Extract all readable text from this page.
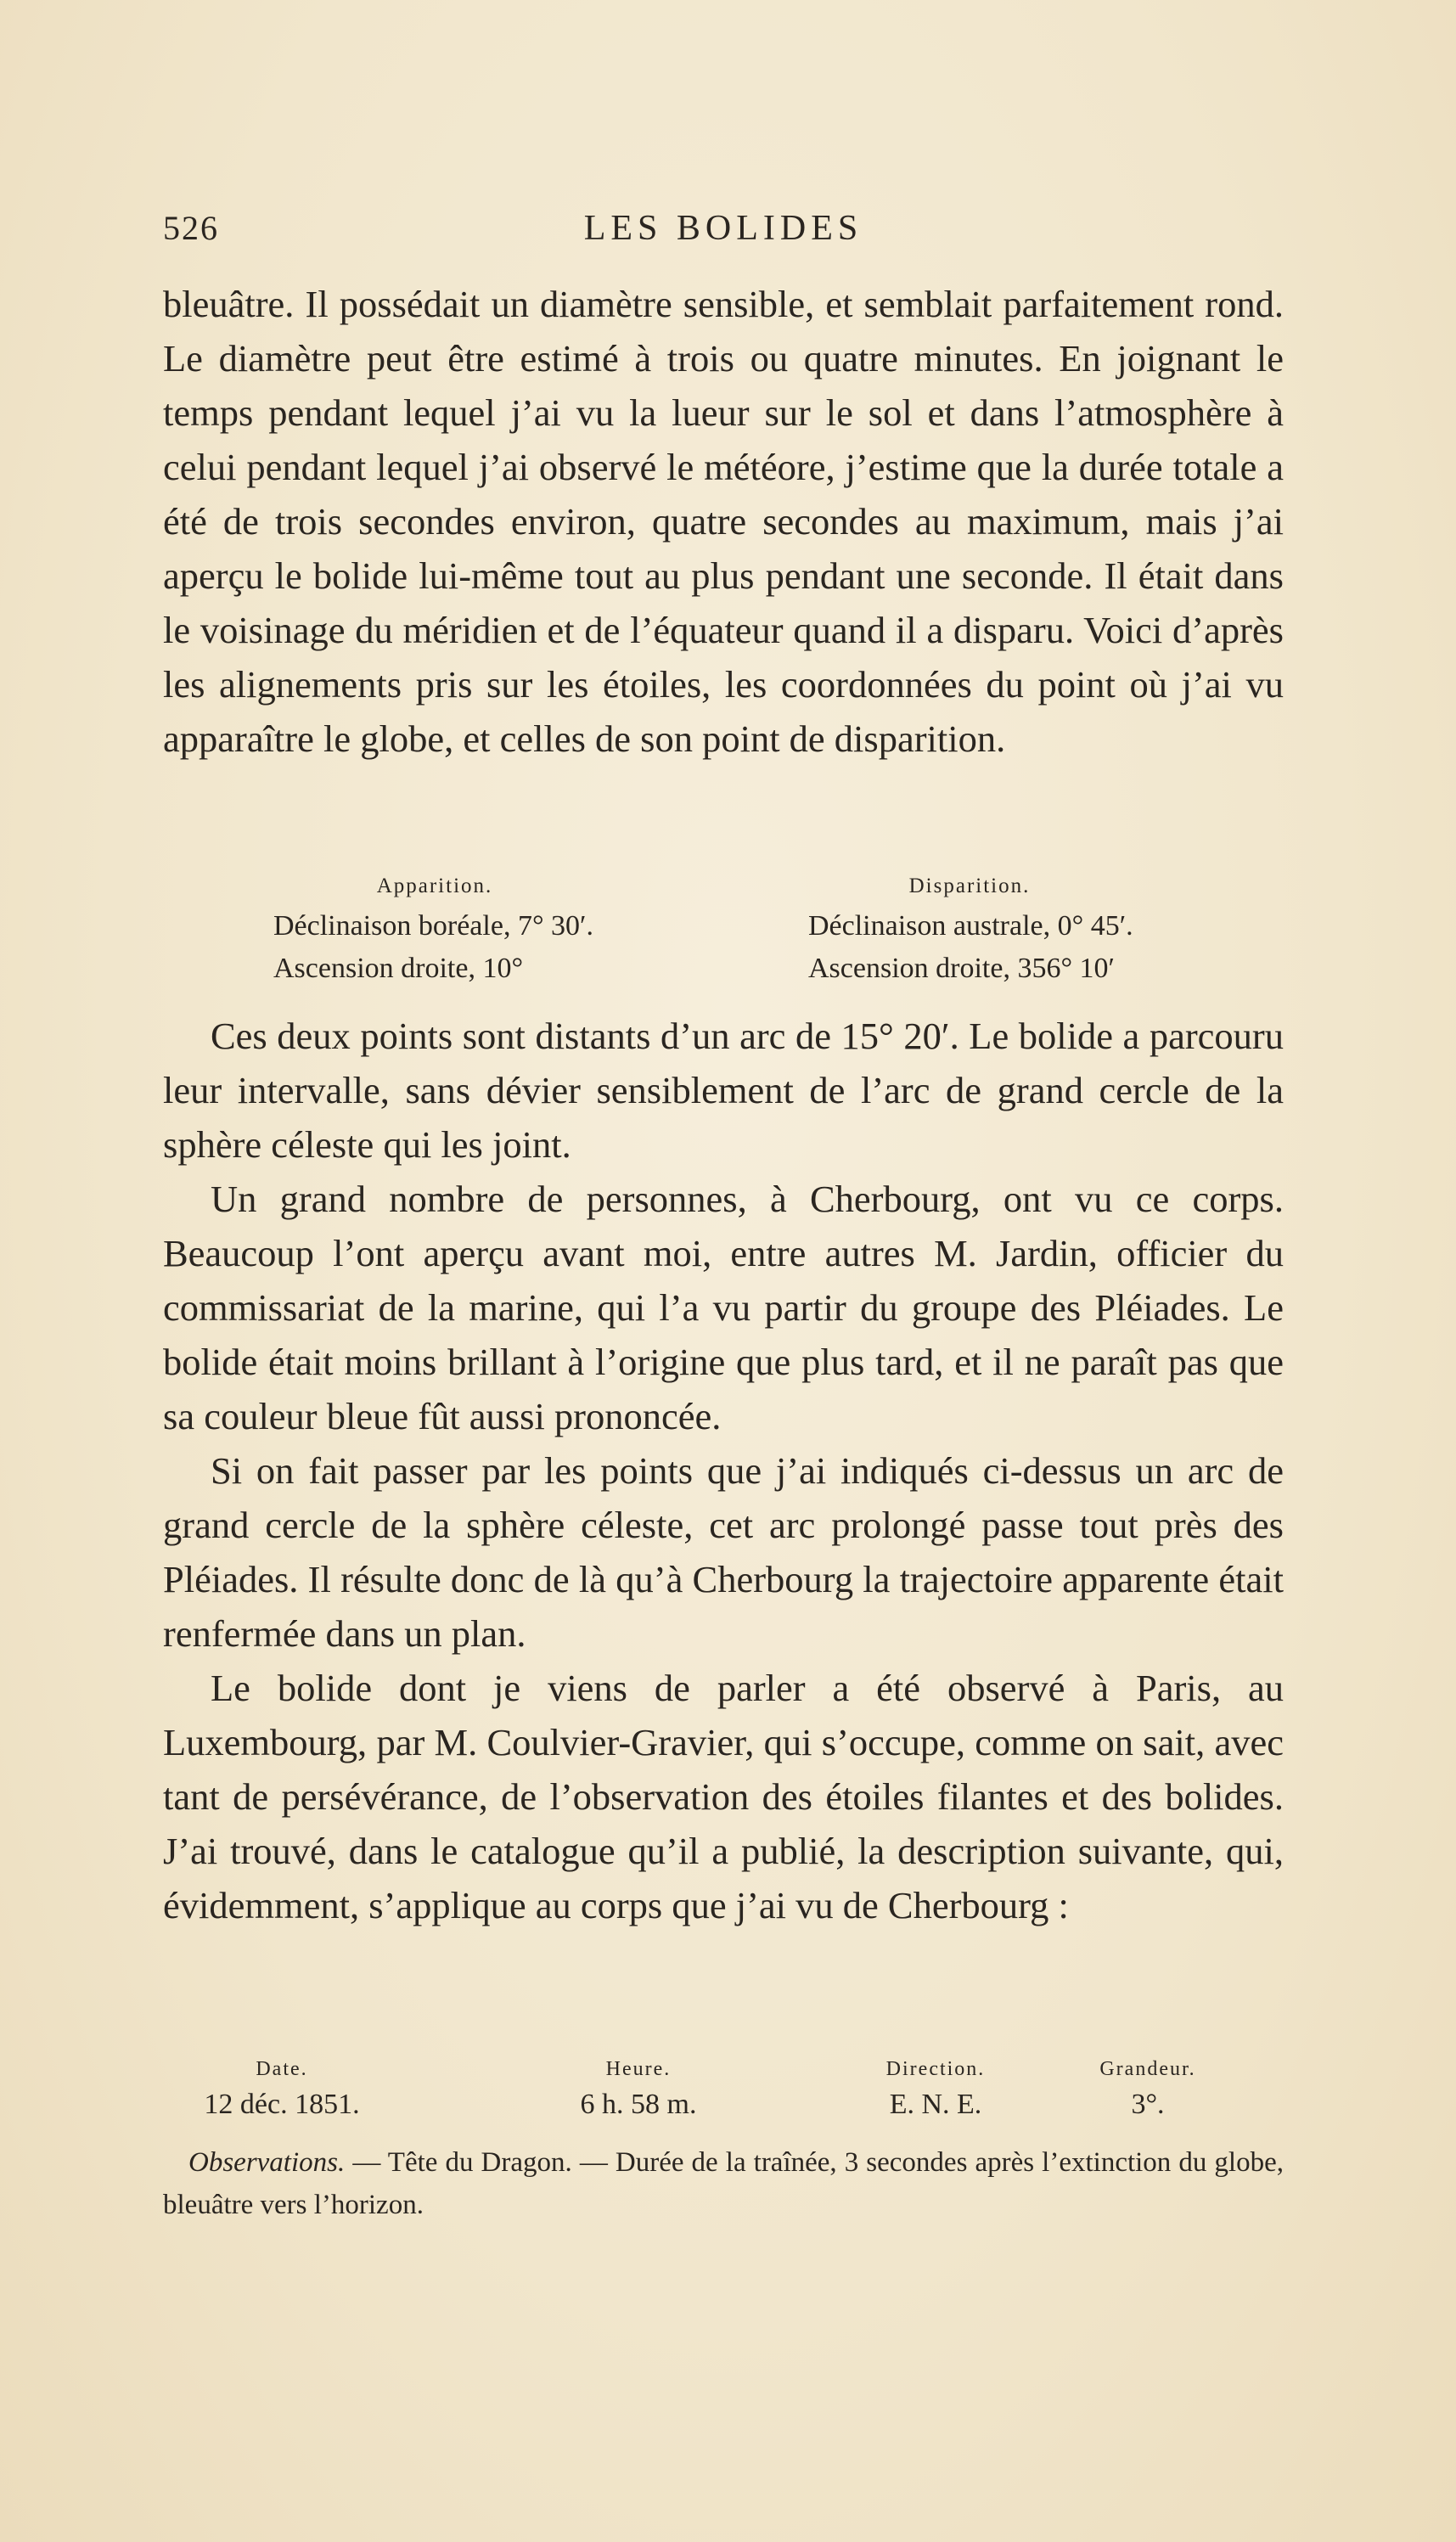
526	LES BOLIDES

bleuâtre. Il possédait un diamètre sensible, et semblait parfaitement rond. Le diamètre peut être estimé à trois ou quatre minutes. En joignant le temps pendant lequel j’ai vu la lueur sur le sol et dans l’atmosphère à celui pendant lequel j’ai observé le météore, j’estime que la durée totale a été de trois secondes environ, quatre secondes au maximum, mais j’ai aperçu le bolide lui-même tout au plus pendant une seconde. Il était dans le voisinage du méridien et de l’équateur quand il a disparu. Voici d’après les alignements pris sur les étoiles, les coordonnées du point où j’ai vu apparaître le globe, et celles de son point de disparition.

Apparition.
Déclinaison boréale, 7° 30′.
Ascension droite, 10°
Disparition.
Déclinaison australe, 0° 45′.
Ascension droite, 356° 10′

Ces deux points sont distants d’un arc de 15° 20′. Le bolide a parcouru leur intervalle, sans dévier sensiblement de l’arc de grand cercle de la sphère céleste qui les joint.

Un grand nombre de personnes, à Cherbourg, ont vu ce corps. Beaucoup l’ont aperçu avant moi, entre autres M. Jardin, officier du commissariat de la marine, qui l’a vu partir du groupe des Pléiades. Le bolide était moins brillant à l’origine que plus tard, et il ne paraît pas que sa couleur bleue fût aussi prononcée.

Si on fait passer par les points que j’ai indiqués ci-dessus un arc de grand cercle de la sphère céleste, cet arc prolongé passe tout près des Pléiades. Il résulte donc de là qu’à Cherbourg la trajectoire apparente était renfermée dans un plan.

Le bolide dont je viens de parler a été observé à Paris, au Luxembourg, par M. Coulvier-Gravier, qui s’occupe, comme on sait, avec tant de persévérance, de l’observation des étoiles filantes et des bolides. J’ai trouvé, dans le catalogue qu’il a publié, la description suivante, qui, évidemment, s’applique au corps que j’ai vu de Cherbourg :

Date.
12 déc. 1851.
Heure.
6 h. 58 m.
Direction.
E. N. E.
Grandeur.
3°.

Observations. — Tête du Dragon. — Durée de la traînée, 3 secondes après l’extinction du globe, bleuâtre vers l’horizon.
